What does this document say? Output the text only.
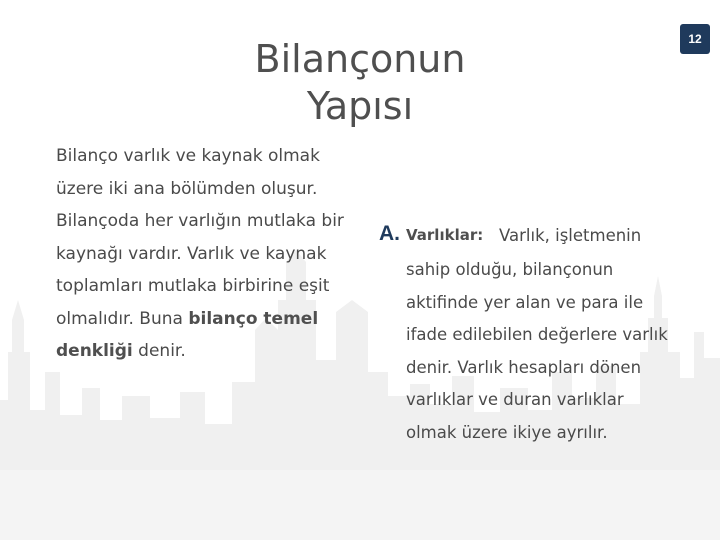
12
Bilançonun
Yapısı

Bilanço varlık ve kaynak olmak üzere iki ana bölümden oluşur. Bilançoda her varlığın mutlaka bir kaynağı vardır. Varlık ve kaynak toplamları mutlaka birbirine eşit olmalıdır. Buna bilanço temel denkliği denir.

A. Varlıklar: Varlık, işletmenin

sahip olduğu, bilançonun aktifinde yer alan ve para ile ifade edilebilen değerlere varlık denir. Varlık hesapları dönen varlıklar ve duran varlıklar olmak üzere ikiye ayrılır.
